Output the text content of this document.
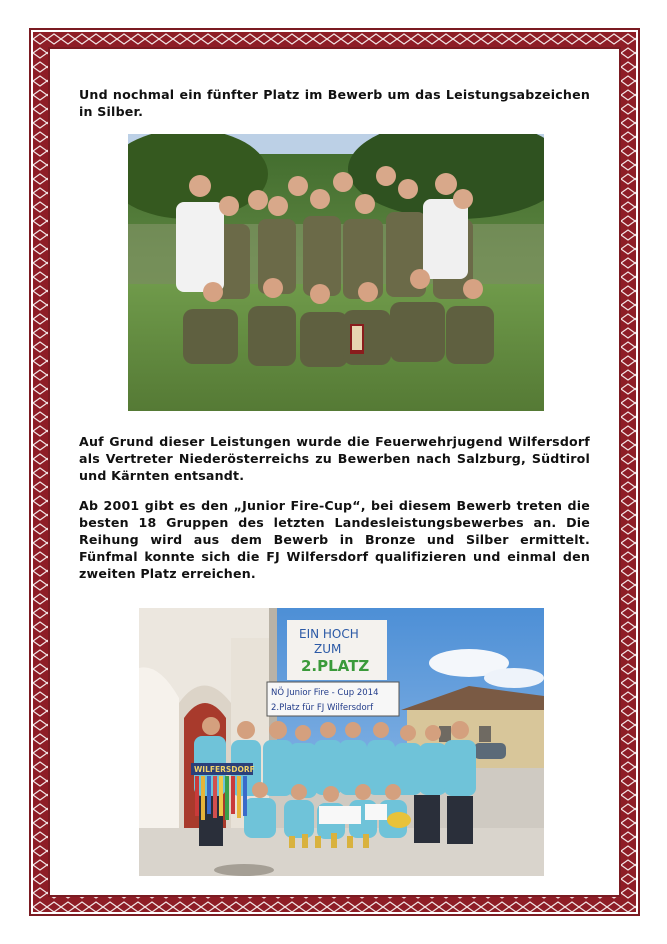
Und nochmal ein fünfter Platz im Bewerb um das Leistungsabzeichen in Silber.

Auf Grund dieser Leistungen wurde die Feuerwehrjugend Wilfersdorf als Vertreter Niederösterreichs zu Bewerben nach Salzburg, Südtirol und Kärnten entsandt.

Ab 2001 gibt es den „Junior Fire-Cup“, bei diesem Bewerb treten die besten 18 Gruppen des letzten Landesleistungsbewerbes an. Die Reihung wird aus dem Bewerb in Bronze und Silber ermittelt. Fünfmal konnte sich die FJ Wilfersdorf qualifizieren und einmal den zweiten Platz erreichen.

EIN HOCH
ZUM
2.PLATZ
NÖ Junior Fire - Cup 2014
2.Platz für FJ Wilfersdorf
WILFERSDORF
